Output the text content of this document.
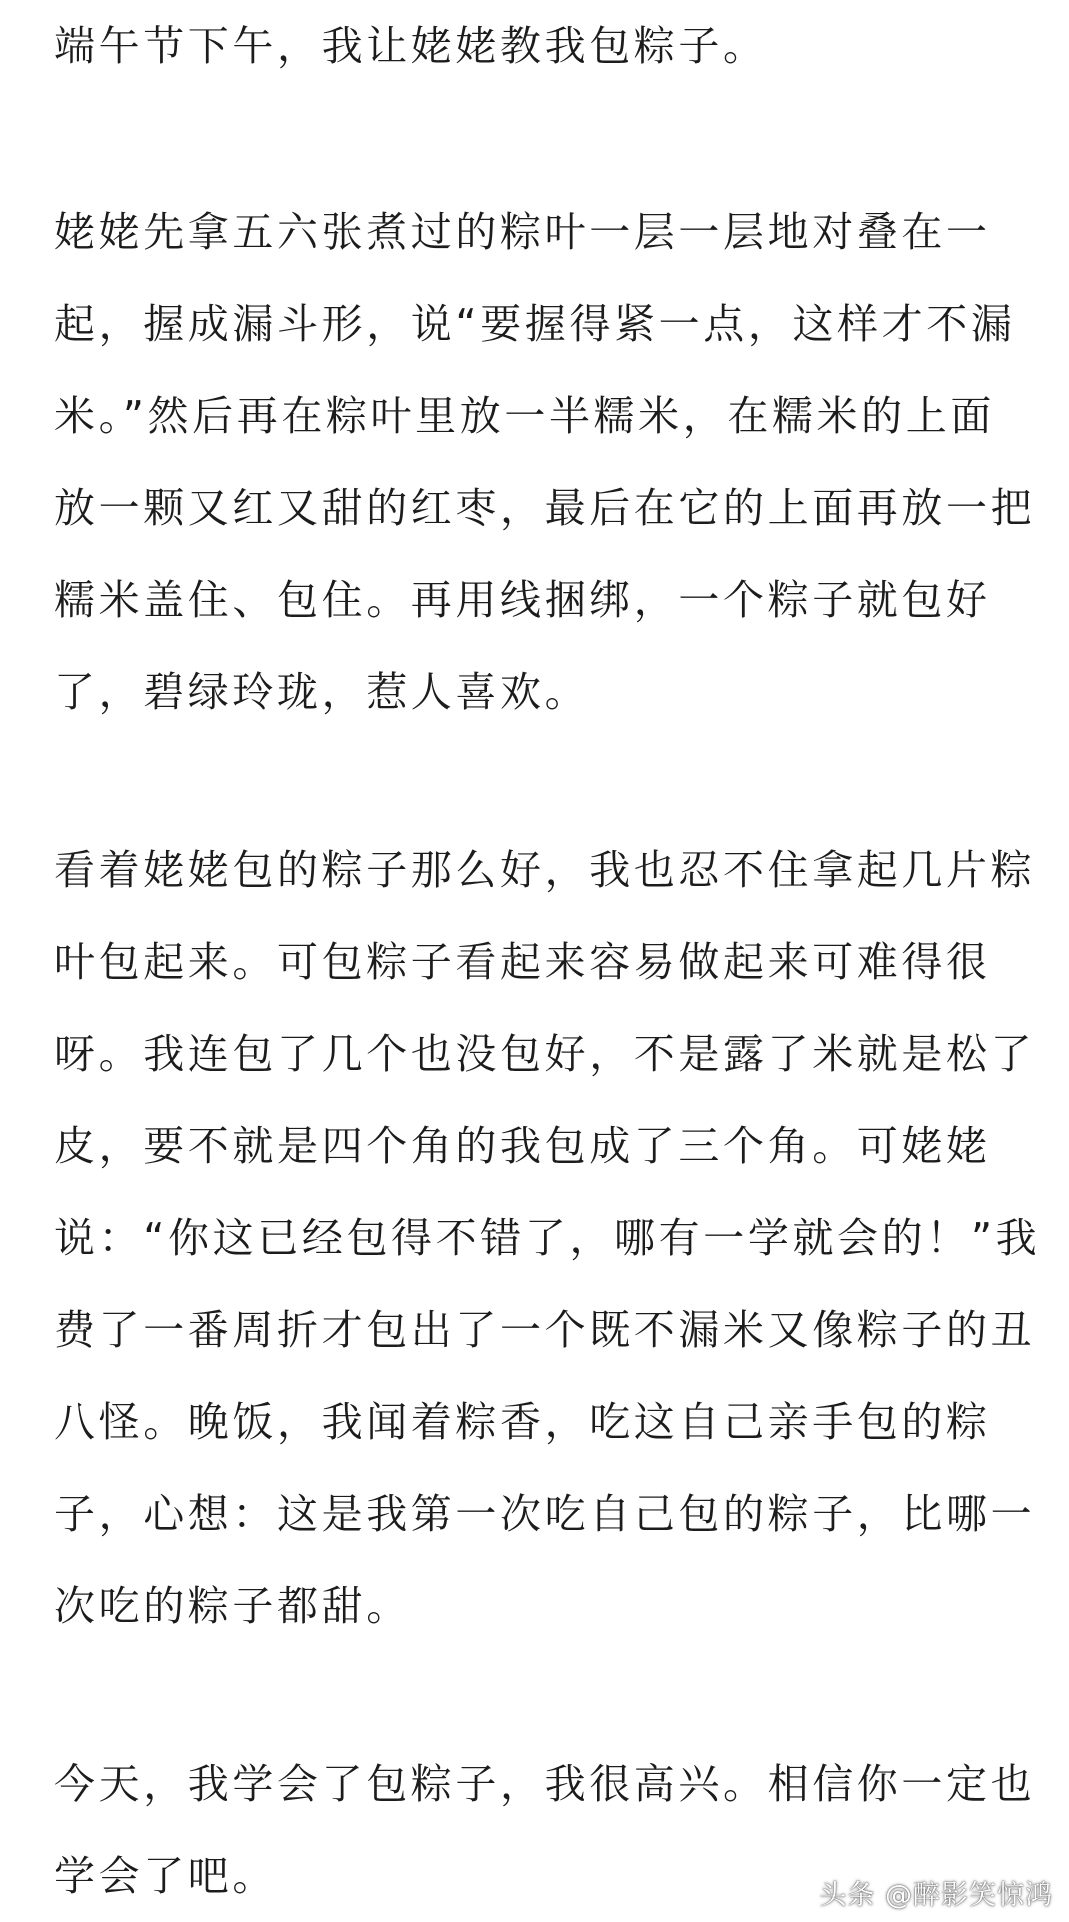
端午节下午，我让姥姥教我包粽子。
姥姥先拿五六张煮过的粽叶一层一层地对叠在一
起，握成漏斗形，说“要握得紧一点，这样才不漏
米。”然后再在粽叶里放一半糯米，在糯米的上面
放一颗又红又甜的红枣，最后在它的上面再放一把
糯米盖住、包住。再用线捆绑，一个粽子就包好
了，碧绿玲珑，惹人喜欢。
看着姥姥包的粽子那么好，我也忍不住拿起几片粽
叶包起来。可包粽子看起来容易做起来可难得很
呀。我连包了几个也没包好，不是露了米就是松了
皮，要不就是四个角的我包成了三个角。可姥姥
说：“你这已经包得不错了，哪有一学就会的！”我
费了一番周折才包出了一个既不漏米又像粽子的丑
八怪。晚饭，我闻着粽香，吃这自己亲手包的粽
子，心想：这是我第一次吃自己包的粽子，比哪一
次吃的粽子都甜。
今天，我学会了包粽子，我很高兴。相信你一定也
学会了吧。	头条 @醉影笑惊鸿
